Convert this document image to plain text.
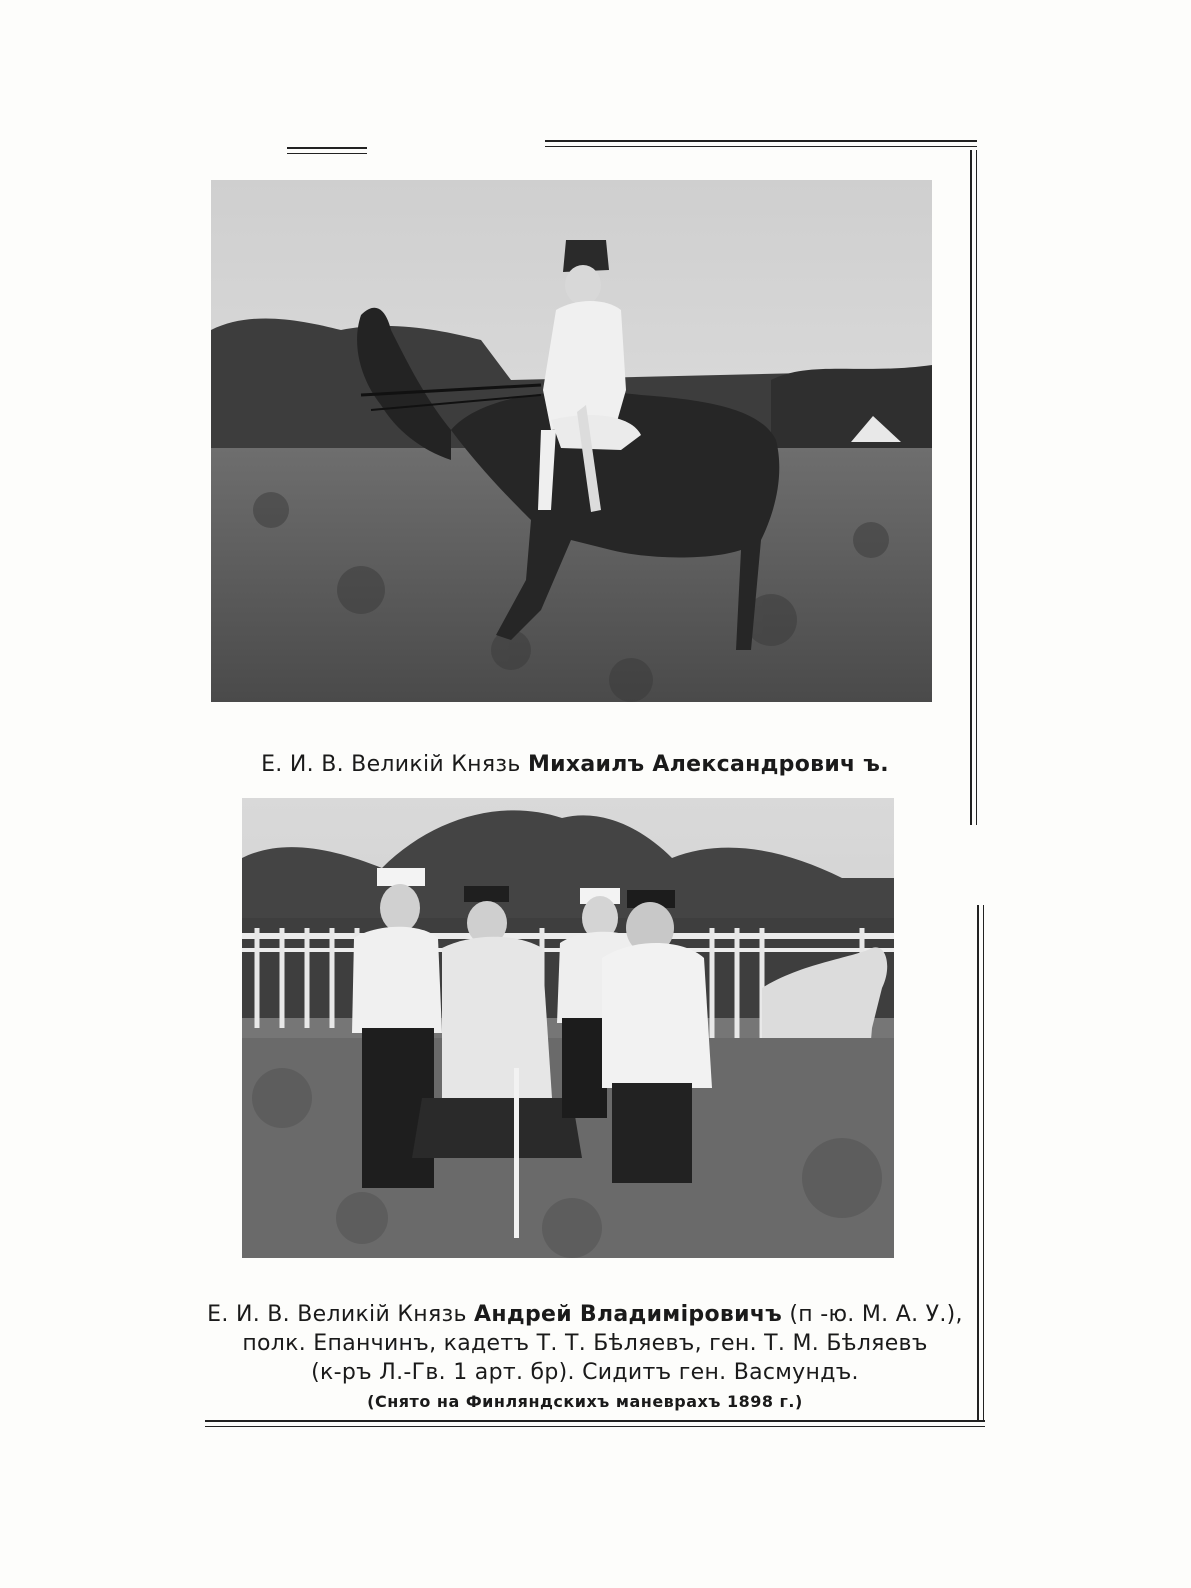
Е. И. В. Великій Князь Михаилъ Александрович ъ.
Е. И. В. Великій Князь Андрей Владиміровичъ (п -ю. М. А. У.),
полк. Епанчинъ, кадетъ Т. Т. Бѣляевъ, ген. Т. М. Бѣляевъ
(к-ръ Л.-Гв. 1 арт. бр). Сидитъ ген. Васмундъ.
(Снято на Финляндскихъ маневрахъ 1898 г.)
